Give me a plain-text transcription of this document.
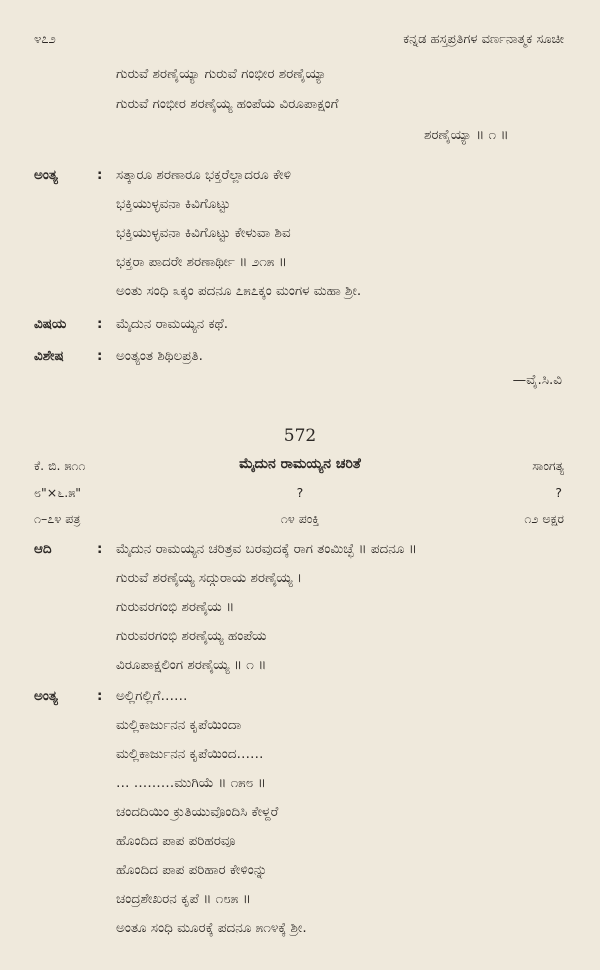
೪೭೨	ಕನ್ನಡ ಹಸ್ತಪ್ರತಿಗಳ ವರ್ಣನಾತ್ಮಕ ಸೂಚೀ
ಗುರುವೆ ಶರಣೈಯ್ಯಾ ಗುರುವೆ ಗಂಭೀರ ಶರಣೈಯ್ಯಾ
ಗುರುವೆ ಗಂಭೀರ ಶರಣೈಯ್ಯ ಹಂಪೆಯ ವಿರೂಪಾಕ್ಷಂಗೆ
ಶರಣೈಯ್ಯಾ ॥ ೧ ॥
ಅಂತ್ಯ	: ಸತ್ಕಾರೂ ಶರಣಾರೂ ಭಕ್ತರೆಲ್ಲಾದರೂ ಕೇಳಿ
ಭಕ್ತಿಯುಳ್ಳವನಾ ಕಿವಿಗೊಟ್ಟು
ಭಕ್ತಿಯುಳ್ಳವನಾ ಕಿವಿಗೊಟ್ಟು ಕೇಳುವಾ ಶಿವ
ಭಕ್ತರಾ ಪಾದರೇ ಶರಣಾರ್ಥೀ ॥ ೨೧೫ ॥
ಅಂತು ಸಂಧಿ ೩ಕ್ಕಂ ಪದನೂ ೭೫೭ಕ್ಕಂ ಮಂಗಳ ಮಹಾ ಶ್ರೀ.
ವಿಷಯ : ಮೈದುನ ರಾಮಯ್ಯನ ಕಥೆ.
ವಿಶೇಷ : ಅಂತ್ಯಂತ ಶಿಥಿಲಪ್ರತಿ.
—ವೈ.ಸಿ.ವಿ
572
ಕೆ. ಬಿ. ೫೧೧	ಮೈದುನ ರಾಮಯ್ಯನ ಚರಿತೆ	ಸಾಂಗತ್ಯ
೮"×೬.೫"	?	?
೧–೭೪ ಪತ್ರ	೧೪ ಪಂಕ್ತಿ	೧೨ ಅಕ್ಷರ
ಆದಿ	: ಮೈದುನ ರಾಮಯ್ಯನ ಚರಿತ್ರವ ಬರವುದಕ್ಕೆ ರಾಗ ತಂಮಿಚ್ಛೆ ॥ ಪದನೂ ॥
ಗುರುವೆ ಶರಣೈಯ್ಯ ಸದ್ಗುರಾಯ ಶರಣೈಯ್ಯ ।
ಗುರುವರಗಂಭಿ ಶರಣೈಯ ॥
ಗುರುವರಗಂಭಿ ಶರಣೈಯ್ಯ ಹಂಪೆಯ
ವಿರೂಪಾಕ್ಷಲಿಂಗ ಶರಣೈಯ್ಯ ॥ ೧ ॥
ಅಂತ್ಯ	: ಅಲ್ಲಿಗಲ್ಲಿಗೆ……
ಮಲ್ಲಿಕಾರ್ಜುನನ ಕೃಪೆಯಿಂದಾ
ಮಲ್ಲಿಕಾರ್ಜುನನ ಕೃಪೆಯಿಂದ……
… ………ಮುಗಿಯೆ ॥ ೧೫೮ ॥
ಚಂದದಿಯಿಂ ಕ್ರುತಿಯುವೊಂದಿಸಿ ಕೇಳ್ದರೆ
ಹೊಂದಿದ ಪಾಪ ಪರಿಹರವೂ
ಹೊಂದಿದ ಪಾಪ ಪರಿಹಾರ ಕೇಳಿಂನ್ನು
ಚಂದ್ರಶೇಖರನ ಕೃಪೆ ॥ ೧೮೫ ॥
ಅಂತೂ ಸಂಧಿ ಮೂರಕ್ಕೆ ಪದನೂ ೫೧೪ಕ್ಕೆ ಶ್ರೀ.
